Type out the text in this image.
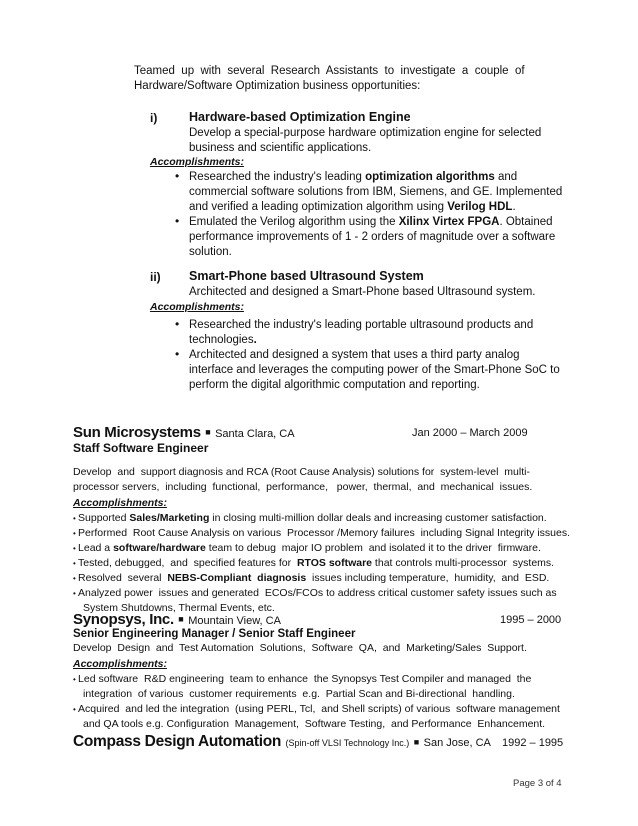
Teamed  up  with  several  Research  Assistants  to  investigate  a  couple  of
Hardware/Software Optimization business opportunities:
i)	Hardware-based Optimization Engine
Develop a special-purpose hardware optimization engine for selected
business and scientific applications.
Accomplishments:
• Researched the industry's leading optimization algorithms and
commercial software solutions from IBM, Siemens, and GE. Implemented
and verified a leading optimization algorithm using Verilog HDL.
• Emulated the Verilog algorithm using the Xilinx Virtex FPGA. Obtained
performance improvements of 1 - 2 orders of magnitude over a software
solution.
ii) Smart-Phone based Ultrasound System
Architected and designed a Smart-Phone based Ultrasound system.
Accomplishments:
• Researched the industry's leading portable ultrasound products and
technologies.
• Architected and designed a system that uses a third party analog
interface and leverages the computing power of the Smart-Phone SoC to
perform the digital algorithmic computation and reporting.
Sun Microsystems ■ Santa Clara, CA	Jan 2000 – March 2009
Staff Software Engineer
Develop  and  support diagnosis and RCA (Root Cause Analysis) solutions for  system-level  multi-
processor servers,  including  functional,  performance,   power,  thermal,  and  mechanical  issues.
Accomplishments:
• Supported Sales/Marketing in closing multi-million dollar deals and increasing customer satisfaction.
• Performed  Root Cause Analysis on various  Processor /Memory failures  including Signal Integrity issues.
• Lead a software/hardware team to debug  major IO problem  and isolated it to the driver  firmware.
• Tested, debugged,  and  specified features for  RTOS software that controls multi-processor  systems.
• Resolved  several  NEBS-Compliant  diagnosis  issues including temperature,  humidity,  and  ESD.
• Analyzed power  issues and generated  ECOs/FCOs to address critical customer safety issues such as
System Shutdowns, Thermal Events, etc.
Synopsys, Inc. ■ Mountain View, CA	1995 – 2000
Senior Engineering Manager / Senior Staff Engineer
Develop  Design  and  Test Automation  Solutions,  Software  QA,  and  Marketing/Sales  Support.
Accomplishments:
• Led software  R&D engineering  team to enhance  the Synopsys Test Compiler and managed  the
integration  of various  customer requirements  e.g.  Partial Scan and Bi-directional  handling.
• Acquired  and led the integration  (using PERL, Tcl,  and Shell scripts) of various  software management
and QA tools e.g. Configuration  Management,  Software Testing,  and Performance  Enhancement.
Compass Design Automation (Spin-off VLSI Technology Inc.) ■ San Jose, CA 1992 – 1995
Page 3 of 4
